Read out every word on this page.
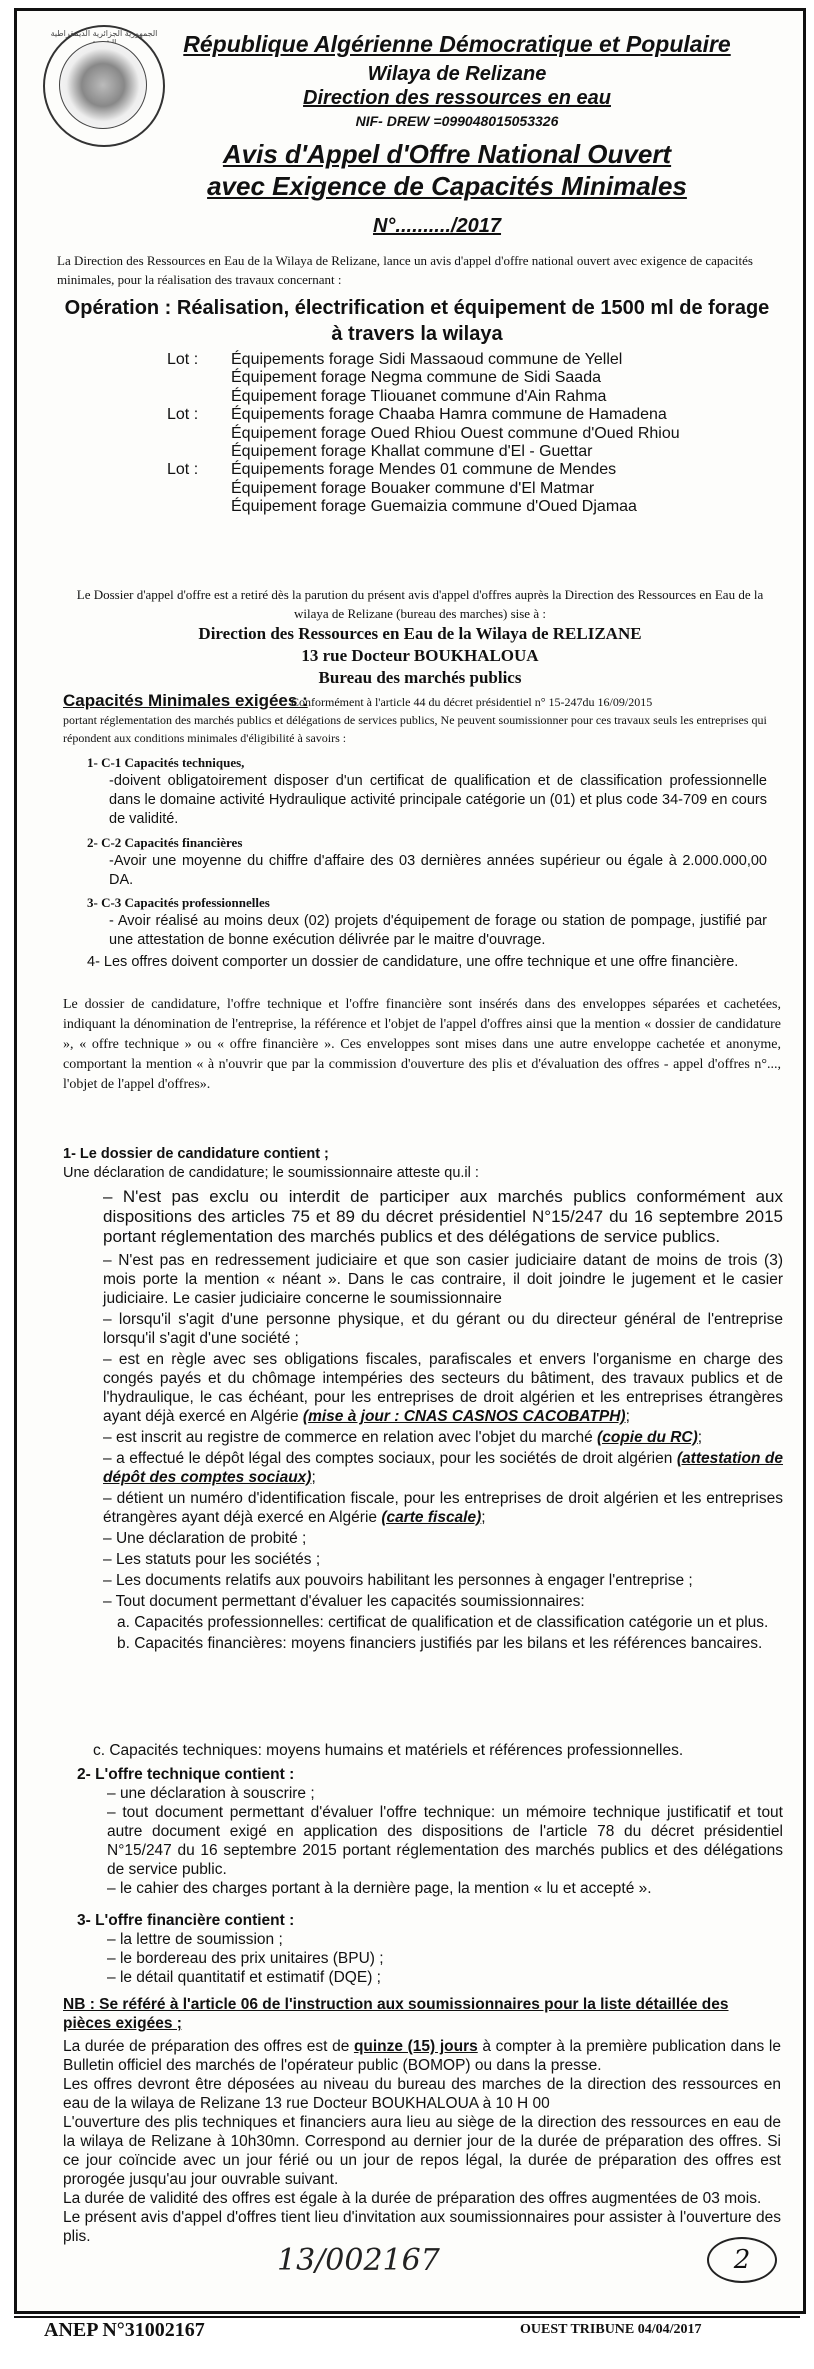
الجمهورية الجزائرية الديمقراطية	République Algérienne Démocratique et Populaire
Wilaya de Relizane
Direction des ressources en eau
NIF- DREW =099048015053326
Avis d'Appel d'Offre National Ouvert
avec Exigence de Capacités Minimales
N°........../2017
La Direction des Ressources en Eau de la Wilaya de Relizane, lance un avis d'appel d'offre national ouvert avec exigence de capacités minimales, pour la réalisation des travaux concernant :
Opération : Réalisation, électrification et équipement de 1500 ml de forage
à travers la wilaya
Lot :	Équipements forage Sidi Massaoud commune de Yellel
Équipement forage Negma commune de Sidi Saada
Équipement forage Tliouanet commune d'Ain Rahma
Lot :	Équipements forage Chaaba Hamra commune de Hamadena
Équipement forage Oued Rhiou Ouest commune d'Oued Rhiou
Équipement forage Khallat commune d'El - Guettar
Lot :	Équipements forage Mendes 01 commune de Mendes
Équipement forage Bouaker commune d'El Matmar
Équipement forage Guemaizia commune d'Oued Djamaa
Le Dossier d'appel d'offre est a retiré dès la parution du présent avis d'appel d'offres auprès la Direction des Ressources en Eau de la wilaya de Relizane (bureau des marches) sise à :
Direction des Ressources en Eau de la Wilaya de RELIZANE
13 rue Docteur BOUKHALOUA
Bureau des marchés publics
Capacités Minimales exigées :
Conformément à l'article 44 du décret présidentiel n° 15-247du 16/09/2015
portant réglementation des marchés publics et délégations de services publics, Ne peuvent soumissionner pour ces travaux seuls les entreprises qui répondent aux conditions minimales d'éligibilité à savoirs :
1- C-1 Capacités techniques,
-doivent obligatoirement disposer d'un certificat de qualification et de classification professionnelle dans le domaine activité Hydraulique activité principale catégorie un (01) et plus code 34-709 en cours de validité.
2- C-2 Capacités financières
-Avoir une moyenne du chiffre d'affaire des 03 dernières années supérieur ou égale à 2.000.000,00 DA.
3- C-3 Capacités professionnelles
- Avoir réalisé au moins deux (02) projets d'équipement de forage ou station de pompage, justifié par une attestation de bonne exécution délivrée par le maitre d'ouvrage.
4- Les offres doivent comporter un dossier de candidature, une offre technique et une offre financière.
Le dossier de candidature, l'offre technique et l'offre financière sont insérés dans des enveloppes séparées et cachetées, indiquant la dénomination de l'entreprise, la référence et l'objet de l'appel d'offres ainsi que la mention « dossier de candidature », « offre technique » ou « offre financière ». Ces enveloppes sont mises dans une autre enveloppe cachetée et anonyme, comportant la mention « à n'ouvrir que par la commission d'ouverture des plis et d'évaluation des offres - appel d'offres n°..., l'objet de l'appel d'offres».
1- Le dossier de candidature contient ;
Une déclaration de candidature; le soumissionnaire atteste qu.il :
– N'est pas exclu ou interdit de participer aux marchés publics conformément aux dispositions des articles 75 et 89 du décret présidentiel N°15/247 du 16 septembre 2015 portant réglementation des marchés publics et des délégations de service publics.
– N'est pas en redressement judiciaire et que son casier judiciaire datant de moins de trois (3) mois porte la mention « néant ». Dans le cas contraire, il doit joindre le jugement et le casier judiciaire. Le casier judiciaire concerne le soumissionnaire
– lorsqu'il s'agit d'une personne physique, et du gérant ou du directeur général de l'entreprise lorsqu'il s'agit d'une société ;
– est en règle avec ses obligations fiscales, parafiscales et envers l'organisme en charge des congés payés et du chômage intempéries des secteurs du bâtiment, des travaux publics et de l'hydraulique, le cas échéant, pour les entreprises de droit algérien et les entreprises étrangères ayant déjà exercé en Algérie (mise à jour : CNAS CASNOS CACOBATPH);
– est inscrit au registre de commerce en relation avec l'objet du marché (copie du RC);
– a effectué le dépôt légal des comptes sociaux, pour les sociétés de droit algérien (attestation de dépôt des comptes sociaux);
– détient un numéro d'identification fiscale, pour les entreprises de droit algérien et les entreprises étrangères ayant déjà exercé en Algérie (carte fiscale);
– Une déclaration de probité ;
– Les statuts pour les sociétés ;
– Les documents relatifs aux pouvoirs habilitant les personnes à engager l'entreprise ;
– Tout document permettant d'évaluer les capacités soumissionnaires:
a. Capacités professionnelles: certificat de qualification et de classification catégorie un et plus.
b. Capacités financières: moyens financiers justifiés par les bilans et les références bancaires.
c. Capacités techniques: moyens humains et matériels et références professionnelles.
2- L'offre technique contient :
– une déclaration à souscrire ;
– tout document permettant d'évaluer l'offre technique: un mémoire technique justificatif et tout autre document exigé en application des dispositions de l'article 78 du décret présidentiel N°15/247 du 16 septembre 2015 portant réglementation des marchés publics et des délégations de service public.
– le cahier des charges portant à la dernière page, la mention « lu et accepté ».
3- L'offre financière contient :
– la lettre de soumission ;
– le bordereau des prix unitaires (BPU) ;
– le détail quantitatif et estimatif (DQE) ;
NB : Se référé à l'article 06 de l'instruction aux soumissionnaires pour la liste détaillée des pièces exigées ;
La durée de préparation des offres est de quinze (15) jours à compter à la première publication dans le Bulletin officiel des marchés de l'opérateur public (BOMOP) ou dans la presse.
Les offres devront être déposées au niveau du bureau des marches de la direction des ressources en eau de la wilaya de Relizane 13 rue Docteur BOUKHALOUA à 10 H 00
L'ouverture des plis techniques et financiers aura lieu au siège de la direction des ressources en eau de la wilaya de Relizane à 10h30mn. Correspond au dernier jour de la durée de préparation des offres. Si ce jour coïncide avec un jour férié ou un jour de repos légal, la durée de préparation des offres est prorogée jusqu'au jour ouvrable suivant.
La durée de validité des offres est égale à la durée de préparation des offres augmentées de 03 mois.
Le présent avis d'appel d'offres tient lieu d'invitation aux soumissionnaires pour assister à l'ouverture des plis.
13/002167	2
ANEP N°31002167	OUEST TRIBUNE 04/04/2017
